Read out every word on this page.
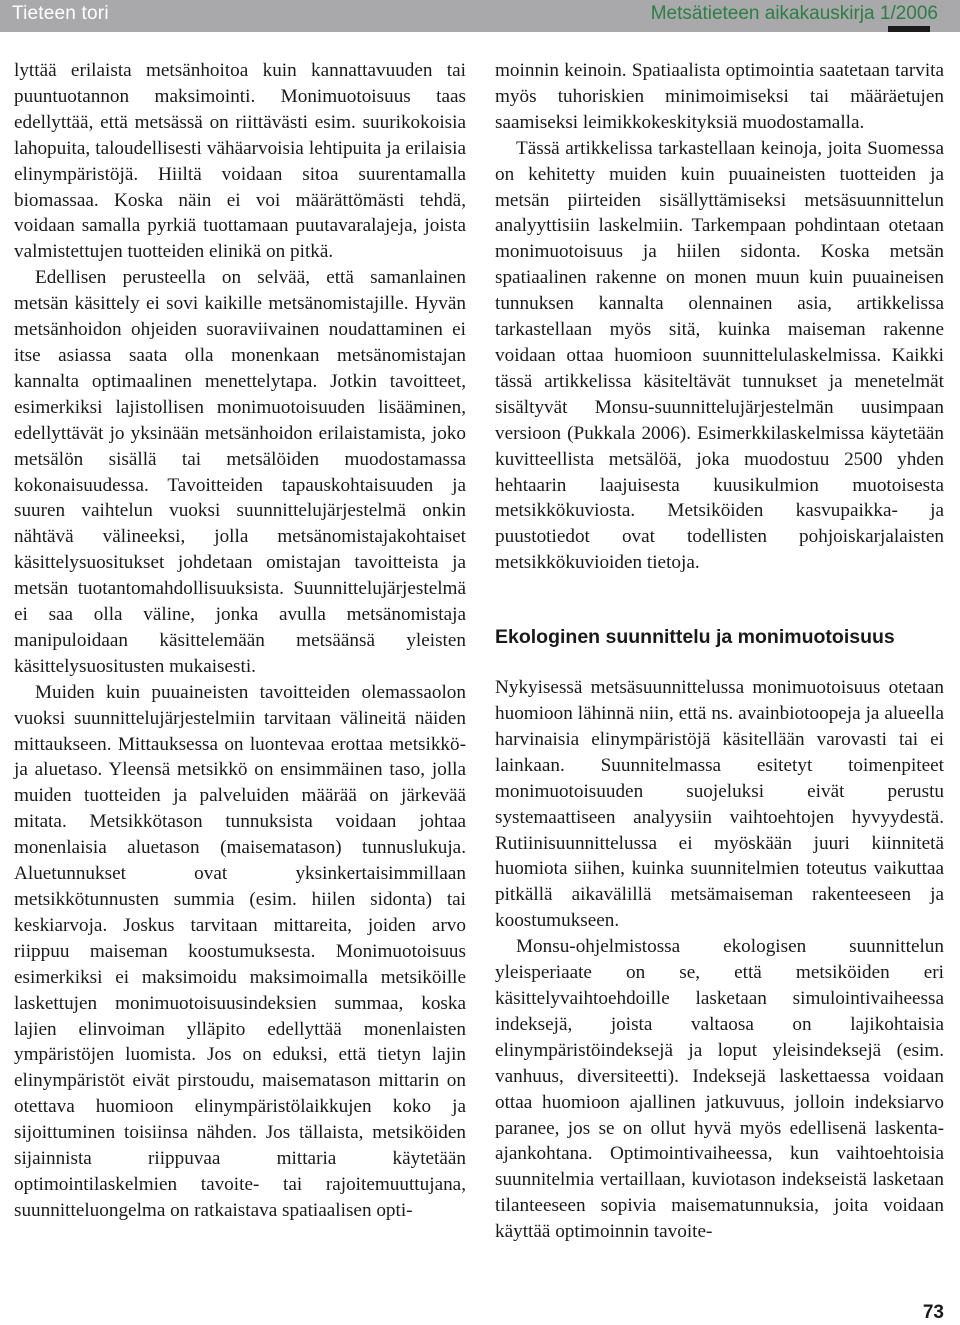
Tieteen tori	Metsätieteen aikakauskirja 1/2006

lyttää erilaista metsänhoitoa kuin kannattavuuden tai puuntuotannon maksimointi. Monimuotoisuus taas edellyttää, että metsässä on riittävästi esim. suurikokoisia lahopuita, taloudellisesti vähäarvoisia lehtipuita ja erilaisia elinympäristöjä. Hiiltä voidaan sitoa suurentamalla biomassaa. Koska näin ei voi määrättömästi tehdä, voidaan samalla pyrkiä tuottamaan puutavaralajeja, joista valmistettujen tuotteiden elinikä on pitkä.

Edellisen perusteella on selvää, että samanlainen metsän käsittely ei sovi kaikille metsänomistajille. Hyvän metsänhoidon ohjeiden suoraviivainen noudattaminen ei itse asiassa saata olla monenkaan metsänomistajan kannalta optimaalinen menettelytapa. Jotkin tavoitteet, esimerkiksi lajistollisen monimuotoisuuden lisääminen, edellyttävät jo yksinään metsänhoidon erilaistamista, joko metsälön sisällä tai metsälöiden muodostamassa kokonaisuudessa. Tavoitteiden tapauskohtaisuuden ja suuren vaihtelun vuoksi suunnittelujärjestelmä onkin nähtävä välineeksi, jolla metsänomistajakohtaiset käsittelysuositukset johdetaan omistajan tavoitteista ja metsän tuotantomahdollisuuksista. Suunnittelujärjestelmä ei saa olla väline, jonka avulla metsänomistaja manipuloidaan käsittelemään metsäänsä yleisten käsittelysuositusten mukaisesti.

Muiden kuin puuaineisten tavoitteiden olemassaolon vuoksi suunnittelujärjestelmiin tarvitaan välineitä näiden mittaukseen. Mittauksessa on luontevaa erottaa metsikkö- ja aluetaso. Yleensä metsikkö on ensimmäinen taso, jolla muiden tuotteiden ja palveluiden määrää on järkevää mitata. Metsikkötason tunnuksista voidaan johtaa monenlaisia aluetason (maisematason) tunnuslukuja. Aluetunnukset ovat yksinkertaisimmillaan metsikkötunnusten summia (esim. hiilen sidonta) tai keskiarvoja. Joskus tarvitaan mittareita, joiden arvo riippuu maiseman koostumuksesta. Monimuotoisuus esimerkiksi ei maksimoidu maksimoimalla metsiköille laskettujen monimuotoisuusindeksien summaa, koska lajien elinvoiman ylläpito edellyttää monenlaisten ympäristöjen luomista. Jos on eduksi, että tietyn lajin elinympäristöt eivät pirstoudu, maisematason mittarin on otettava huomioon elinympäristölaikkujen koko ja sijoittuminen toisiinsa nähden. Jos tällaista, metsiköiden sijainnista riippuvaa mittaria käytetään optimointilaskelmien tavoite- tai rajoitemuuttujana, suunnitteluongelma on ratkaistava spatiaalisen opti-

moinnin keinoin. Spatiaalista optimointia saatetaan tarvita myös tuhoriskien minimoimiseksi tai määräetujen saamiseksi leimikkokeskityksiä muodostamalla.

Tässä artikkelissa tarkastellaan keinoja, joita Suomessa on kehitetty muiden kuin puuaineisten tuotteiden ja metsän piirteiden sisällyttämiseksi metsäsuunnittelun analyyttisiin laskelmiin. Tarkempaan pohdintaan otetaan monimuotoisuus ja hiilen sidonta. Koska metsän spatiaalinen rakenne on monen muun kuin puuaineisen tunnuksen kannalta olennainen asia, artikkelissa tarkastellaan myös sitä, kuinka maiseman rakenne voidaan ottaa huomioon suunnittelulaskelmissa. Kaikki tässä artikkelissa käsiteltävät tunnukset ja menetelmät sisältyvät Monsu-suunnittelujärjestelmän uusimpaan versioon (Pukkala 2006). Esimerkkilaskelmissa käytetään kuvitteellista metsälöä, joka muodostuu 2500 yhden hehtaarin laajuisesta kuusikulmion muotoisesta metsikkökuviosta. Metsiköiden kasvupaikka- ja puustotiedot ovat todellisten pohjoiskarjalaisten metsikkökuvioiden tietoja.

Ekologinen suunnittelu ja monimuotoisuus

Nykyisessä metsäsuunnittelussa monimuotoisuus otetaan huomioon lähinnä niin, että ns. avainbiotoopeja ja alueella harvinaisia elinympäristöjä käsitellään varovasti tai ei lainkaan. Suunnitelmassa esitetyt toimenpiteet monimuotoisuuden suojeluksi eivät perustu systemaattiseen analyysiin vaihtoehtojen hyvyydestä. Rutiinisuunnittelussa ei myöskään juuri kiinnitetä huomiota siihen, kuinka suunnitelmien toteutus vaikuttaa pitkällä aikavälillä metsämaiseman rakenteeseen ja koostumukseen.

Monsu-ohjelmistossa ekologisen suunnittelun yleisperiaate on se, että metsiköiden eri käsittelyvaihtoehdoille lasketaan simulointivaiheessa indeksejä, joista valtaosa on lajikohtaisia elinympäristöindeksejä ja loput yleisindeksejä (esim. vanhuus, diversiteetti). Indeksejä laskettaessa voidaan ottaa huomioon ajallinen jatkuvuus, jolloin indeksiarvo paranee, jos se on ollut hyvä myös edellisenä laskenta-ajankohtana. Optimointivaiheessa, kun vaihtoehtoisia suunnitelmia vertaillaan, kuviotason indekseistä lasketaan tilanteeseen sopivia maisematunnuksia, joita voidaan käyttää optimoinnin tavoite-

73
